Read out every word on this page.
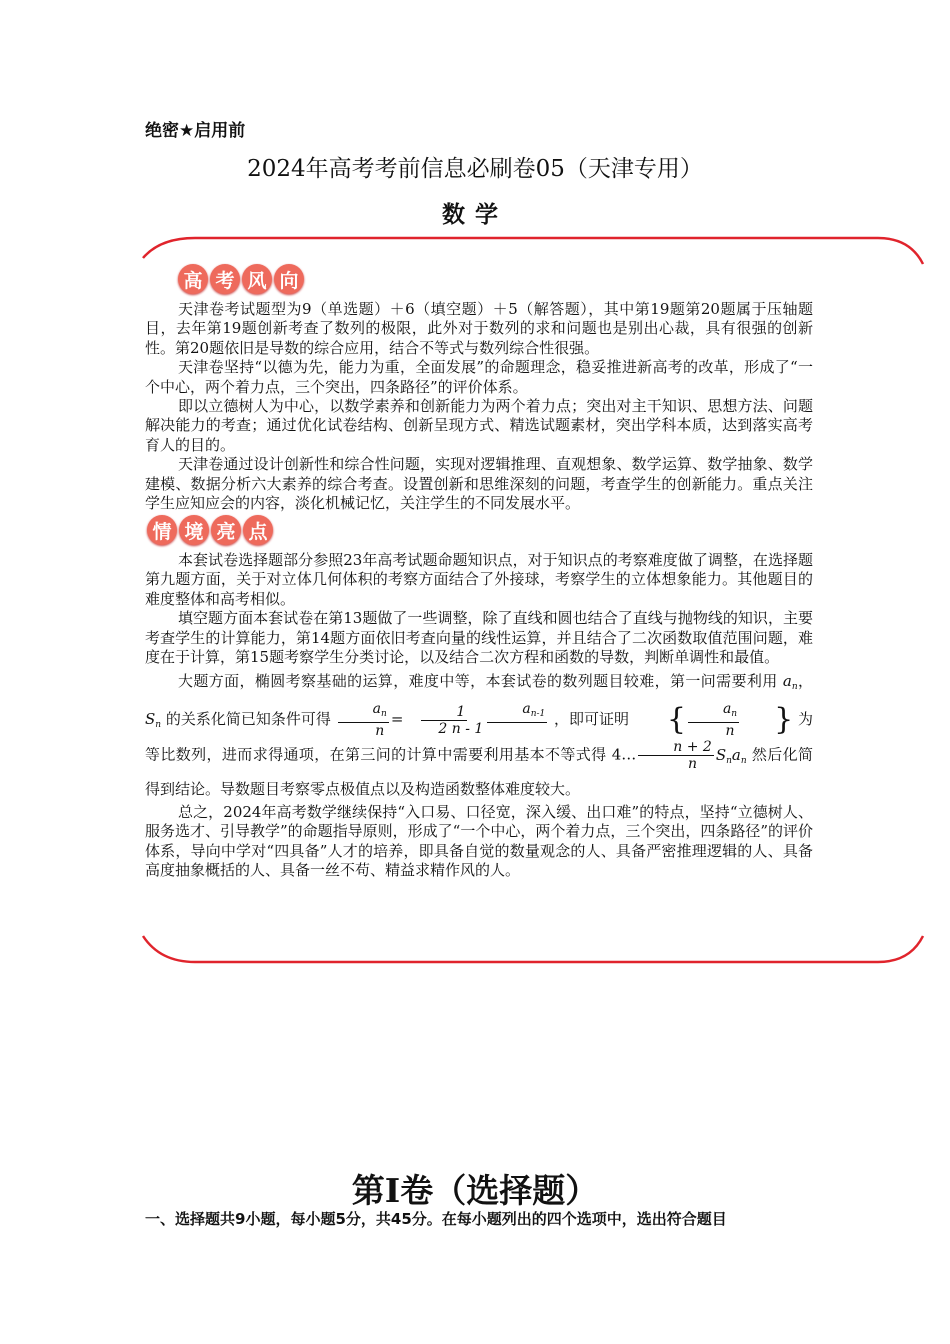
绝密★启用前
2024年高考考前信息必刷卷05（天津专用）
数学
高 考 风 向

天津卷考试题型为9（单选题）＋6（填空题）＋5（解答题），其中第19题第20题属于压轴题目，去年第19题创新考查了数列的极限，此外对于数列的求和问题也是别出心裁，具有很强的创新性。第20题依旧是导数的综合应用，结合不等式与数列综合性很强。

天津卷坚持“以德为先，能力为重，全面发展”的命题理念，稳妥推进新高考的改革，形成了“一个中心，两个着力点，三个突出，四条路径”的评价体系。

即以立德树人为中心，以数学素养和创新能力为两个着力点；突出对主干知识、思想方法、问题解决能力的考查；通过优化试卷结构、创新呈现方式、精选试题素材，突出学科本质，达到落实高考育人的目的。

天津卷通过设计创新性和综合性问题，实现对逻辑推理、直观想象、数学运算、数学抽象、数学建模、数据分析六大素养的综合考查。设置创新和思维深刻的问题，考查学生的创新能力。重点关注学生应知应会的内容，淡化机械记忆，关注学生的不同发展水平。

情 境 亮 点

本套试卷选择题部分参照23年高考试题命题知识点，对于知识点的考察难度做了调整，在选择题第九题方面，关于对立体几何体积的考察方面结合了外接球，考察学生的立体想象能力。其他题目的难度整体和高考相似。

填空题方面本套试卷在第13题做了一些调整，除了直线和圆也结合了直线与抛物线的知识，主要考查学生的计算能力，第14题方面依旧考查向量的线性运算，并且结合了二次函数取值范围问题，难度在于计算，第15题考察学生分类讨论，以及结合二次方程和函数的导数，判断单调性和最值。

大题方面，椭圆考察基础的运算，难度中等，本套试卷的数列题目较难，第一问需要利用 $a_n$， $S_n$ 的关系化简已知条件可得 $\frac{a_n}{n} = \frac{1}{2 n - 1}$	$a_{n-1}$
，即可证明 { $\frac{a_n}{n}$ } 为等比数列，进而求得通项，在第三问的计算中需要利用基本不等式得 4… $\frac{n + 2}{n} S_na_n$ 然后化简得到结论。导数题目考察零点极值点以及构造函数整体难度较大。

总之，2024年高考数学继续保持“入口易、口径宽，深入缓、出口难”的特点，坚持“立德树人、服务选才、引导教学”的命题指导原则，形成了“一个中心，两个着力点，三个突出，四条路径”的评价体系，导向中学对“四具备”人才的培养，即具备自觉的数量观念的人、具备严密推理逻辑的人、具备高度抽象概括的人、具备一丝不苟、精益求精作风的人。

第Ⅰ卷（选择题）
一、选择题共9小题，每小题5分，共45分。在每小题列出的四个选项中，选出符合题目
